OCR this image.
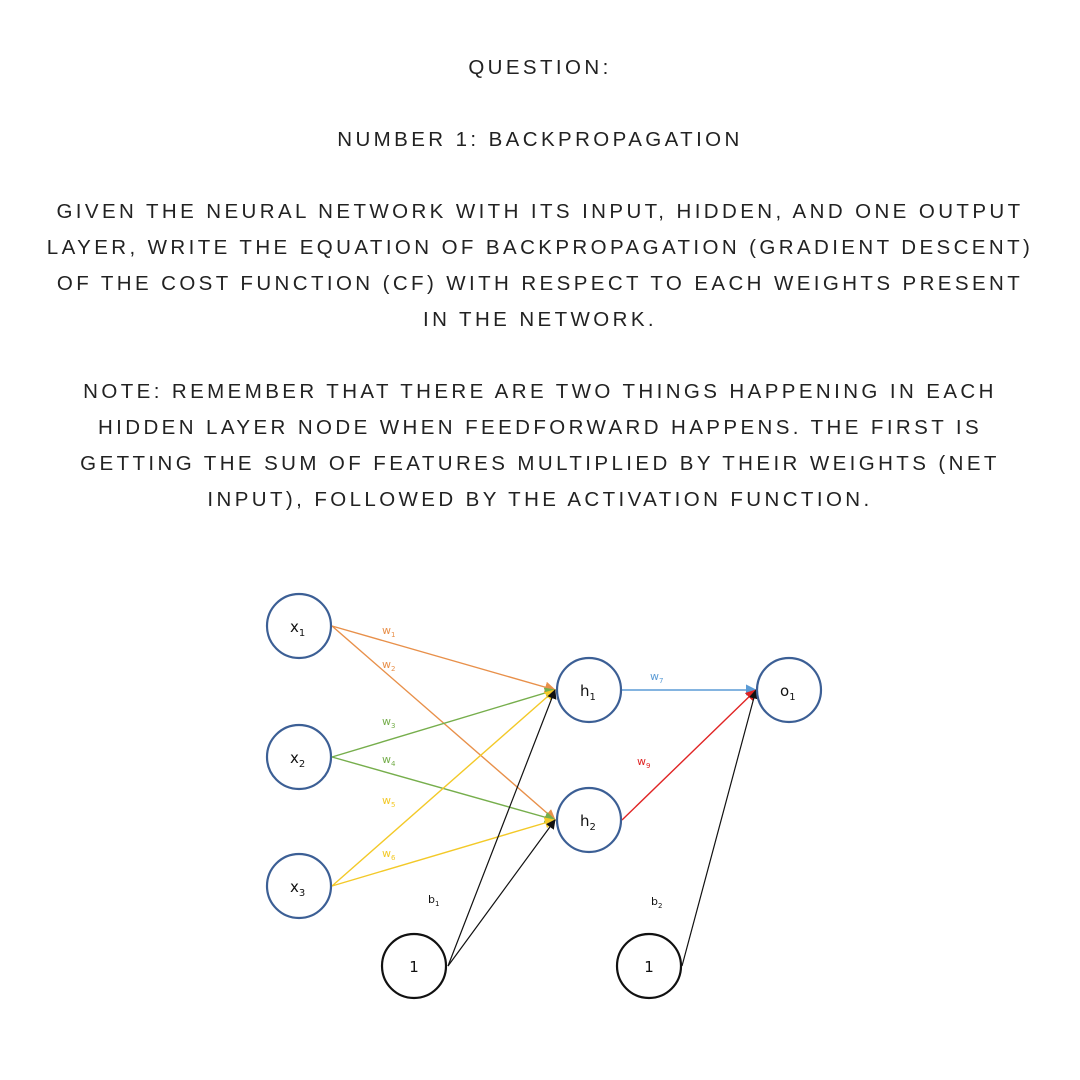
QUESTION:
NUMBER 1: BACKPROPAGATION
GIVEN THE NEURAL NETWORK WITH ITS INPUT, HIDDEN, AND ONE OUTPUT LAYER, WRITE THE EQUATION OF BACKPROPAGATION (GRADIENT DESCENT) OF THE COST FUNCTION (CF) WITH RESPECT TO EACH WEIGHTS PRESENT IN THE NETWORK.
NOTE: REMEMBER THAT THERE ARE TWO THINGS HAPPENING IN EACH HIDDEN LAYER NODE WHEN FEEDFORWARD HAPPENS. THE FIRST IS GETTING THE SUM OF FEATURES MULTIPLIED BY THEIR WEIGHTS (NET INPUT), FOLLOWED BY THE ACTIVATION FUNCTION.
$w_1$
$w_2$
$w_3$
$w_4$
$w_5$
$w_6$
$w_7$
$w_9$
$b_1$	$b_2$
$x_1$
$x_2$
$x_3$
$h_1$
$h_2$
$o_1$
1	1
